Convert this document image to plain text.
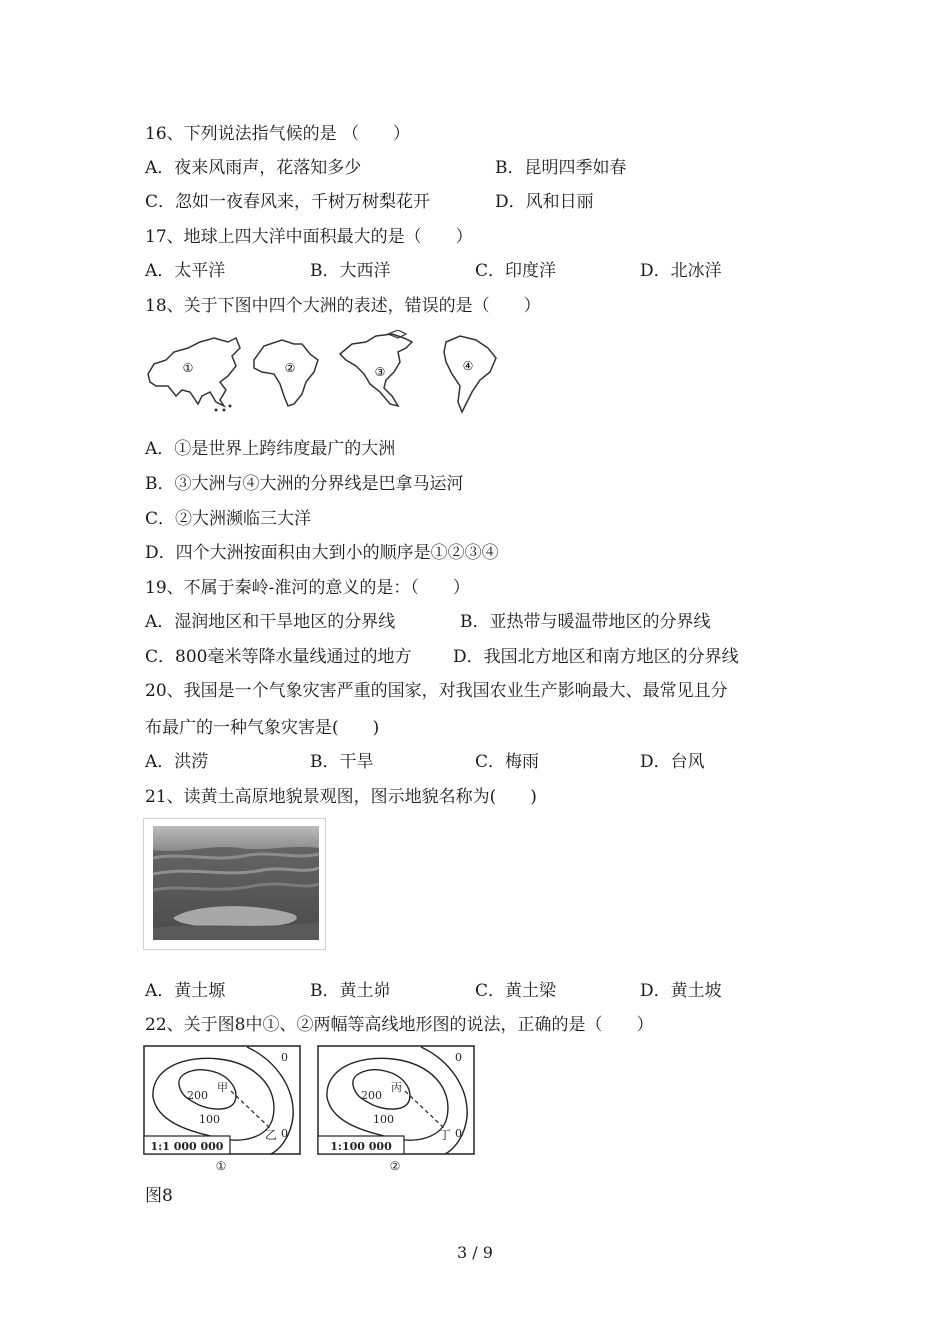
16、下列说法指气候的是 （　　）
A．夜来风雨声，花落知多少	B．昆明四季如春
C．忽如一夜春风来，千树万树梨花开	D．风和日丽
17、地球上四大洋中面积最大的是（　　）
A．太平洋	B．大西洋	C．印度洋	D．北冰洋
18、关于下图中四个大洲的表述，错误的是（　　）
①	②	③	④
A．①是世界上跨纬度最广的大洲
B．③大洲与④大洲的分界线是巴拿马运河
C．②大洲濒临三大洋
D．四个大洲按面积由大到小的顺序是①②③④
19、不属于秦岭-淮河的意义的是：（　　）
A．湿润地区和干旱地区的分界线	B．亚热带与暖温带地区的分界线
C．800毫米等降水量线通过的地方 D．我国北方地区和南方地区的分界线
20、我国是一个气象灾害严重的国家，对我国农业生产影响最大、最常见且分
布最广的一种气象灾害是(　　)
A．洪涝	B．干旱	C．梅雨	D．台风
21、读黄土高原地貌景观图，图示地貌名称为(　　)
A．黄土塬	B．黄土峁	C．黄土梁	D．黄土坡
22、关于图8中①、②两幅等高线地形图的说法，正确的是（　　）
200
100
0
0
甲
乙
1:1 000 000
①
200
100
0
0
丙
丁
1:100 000
②
图8
3 / 9
